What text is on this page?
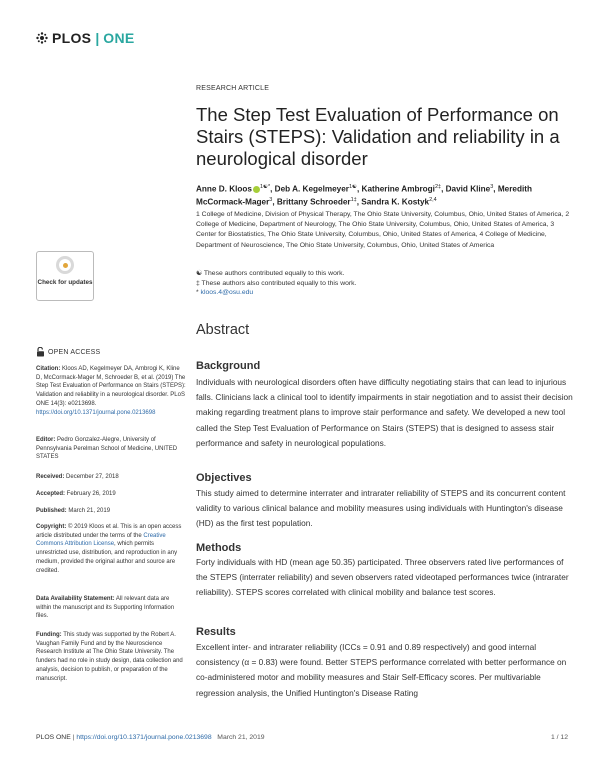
PLOS | ONE
RESEARCH ARTICLE
The Step Test Evaluation of Performance on Stairs (STEPS): Validation and reliability in a neurological disorder
Anne D. Kloos $^{1☯*}$, Deb A. Kegelmeyer$^{1☯}$, Katherine Ambrogi$^{2\ddagger}$, David Kline$^3$, Meredith McCormack-Mager$^3$, Brittany Schroeder$^{1\ddagger}$, Sandra K. Kostyk$^{2,4}$
1 College of Medicine, Division of Physical Therapy, The Ohio State University, Columbus, Ohio, United States of America, 2 College of Medicine, Department of Neurology, The Ohio State University, Columbus, Ohio, United States of America, 3 Center for Biostatistics, The Ohio State University, Columbus, Ohio, United States of America, 4 College of Medicine, Department of Neuroscience, The Ohio State University, Columbus, Ohio, United States of America
☯ These authors contributed equally to this work.
‡ These authors also contributed equally to this work.
* kloos.4@osu.edu
Abstract
Background
Individuals with neurological disorders often have difficulty negotiating stairs that can lead to injurious falls. Clinicians lack a clinical tool to identify impairments in stair negotiation and to assist their decision making regarding treatment plans to improve stair performance and safety. We developed a new tool called the Step Test Evaluation of Performance on Stairs (STEPS) that is designed to assess stair performance and safety in neurological populations.
Objectives
This study aimed to determine interrater and intrarater reliability of STEPS and its concurrent content validity to various clinical balance and mobility measures using individuals with Huntington's disease (HD) as the first test population.
Methods
Forty individuals with HD (mean age 50.35) participated. Three observers rated live performances of the STEPS (interrater reliability) and seven observers rated videotaped performances twice (intrarater reliability). STEPS scores correlated with clinical mobility and balance test scores.
Results
Excellent inter- and intrarater reliability (ICCs = 0.91 and 0.89 respectively) and good internal consistency (α = 0.83) were found. Better STEPS performance correlated with better performance on co-administered motor and mobility measures and Stair Self-Efficacy scores. Per multivariable regression analysis, the Unified Huntington's Disease Rating
Check for updates
OPEN ACCESS
Citation: Kloos AD, Kegelmeyer DA, Ambrogi K, Kline D, McCormack-Mager M, Schroeder B, et al. (2019) The Step Test Evaluation of Performance on Stairs (STEPS): Validation and reliability in a neurological disorder. PLoS ONE 14(3): e0213698. https://doi.org/10.1371/journal.pone.0213698
Editor: Pedro Gonzalez-Alegre, University of Pennsylvania Perelman School of Medicine, UNITED STATES
Received: December 27, 2018
Accepted: February 26, 2019
Published: March 21, 2019
Copyright: © 2019 Kloos et al. This is an open access article distributed under the terms of the Creative Commons Attribution License, which permits unrestricted use, distribution, and reproduction in any medium, provided the original author and source are credited.
Data Availability Statement: All relevant data are within the manuscript and its Supporting Information files.
Funding: This study was supported by the Robert A. Vaughan Family Fund and by the Neuroscience Research Institute at The Ohio State University. The funders had no role in study design, data collection and analysis, decision to publish, or preparation of the manuscript.
PLOS ONE | https://doi.org/10.1371/journal.pone.0213698 March 21, 2019	1 / 12
